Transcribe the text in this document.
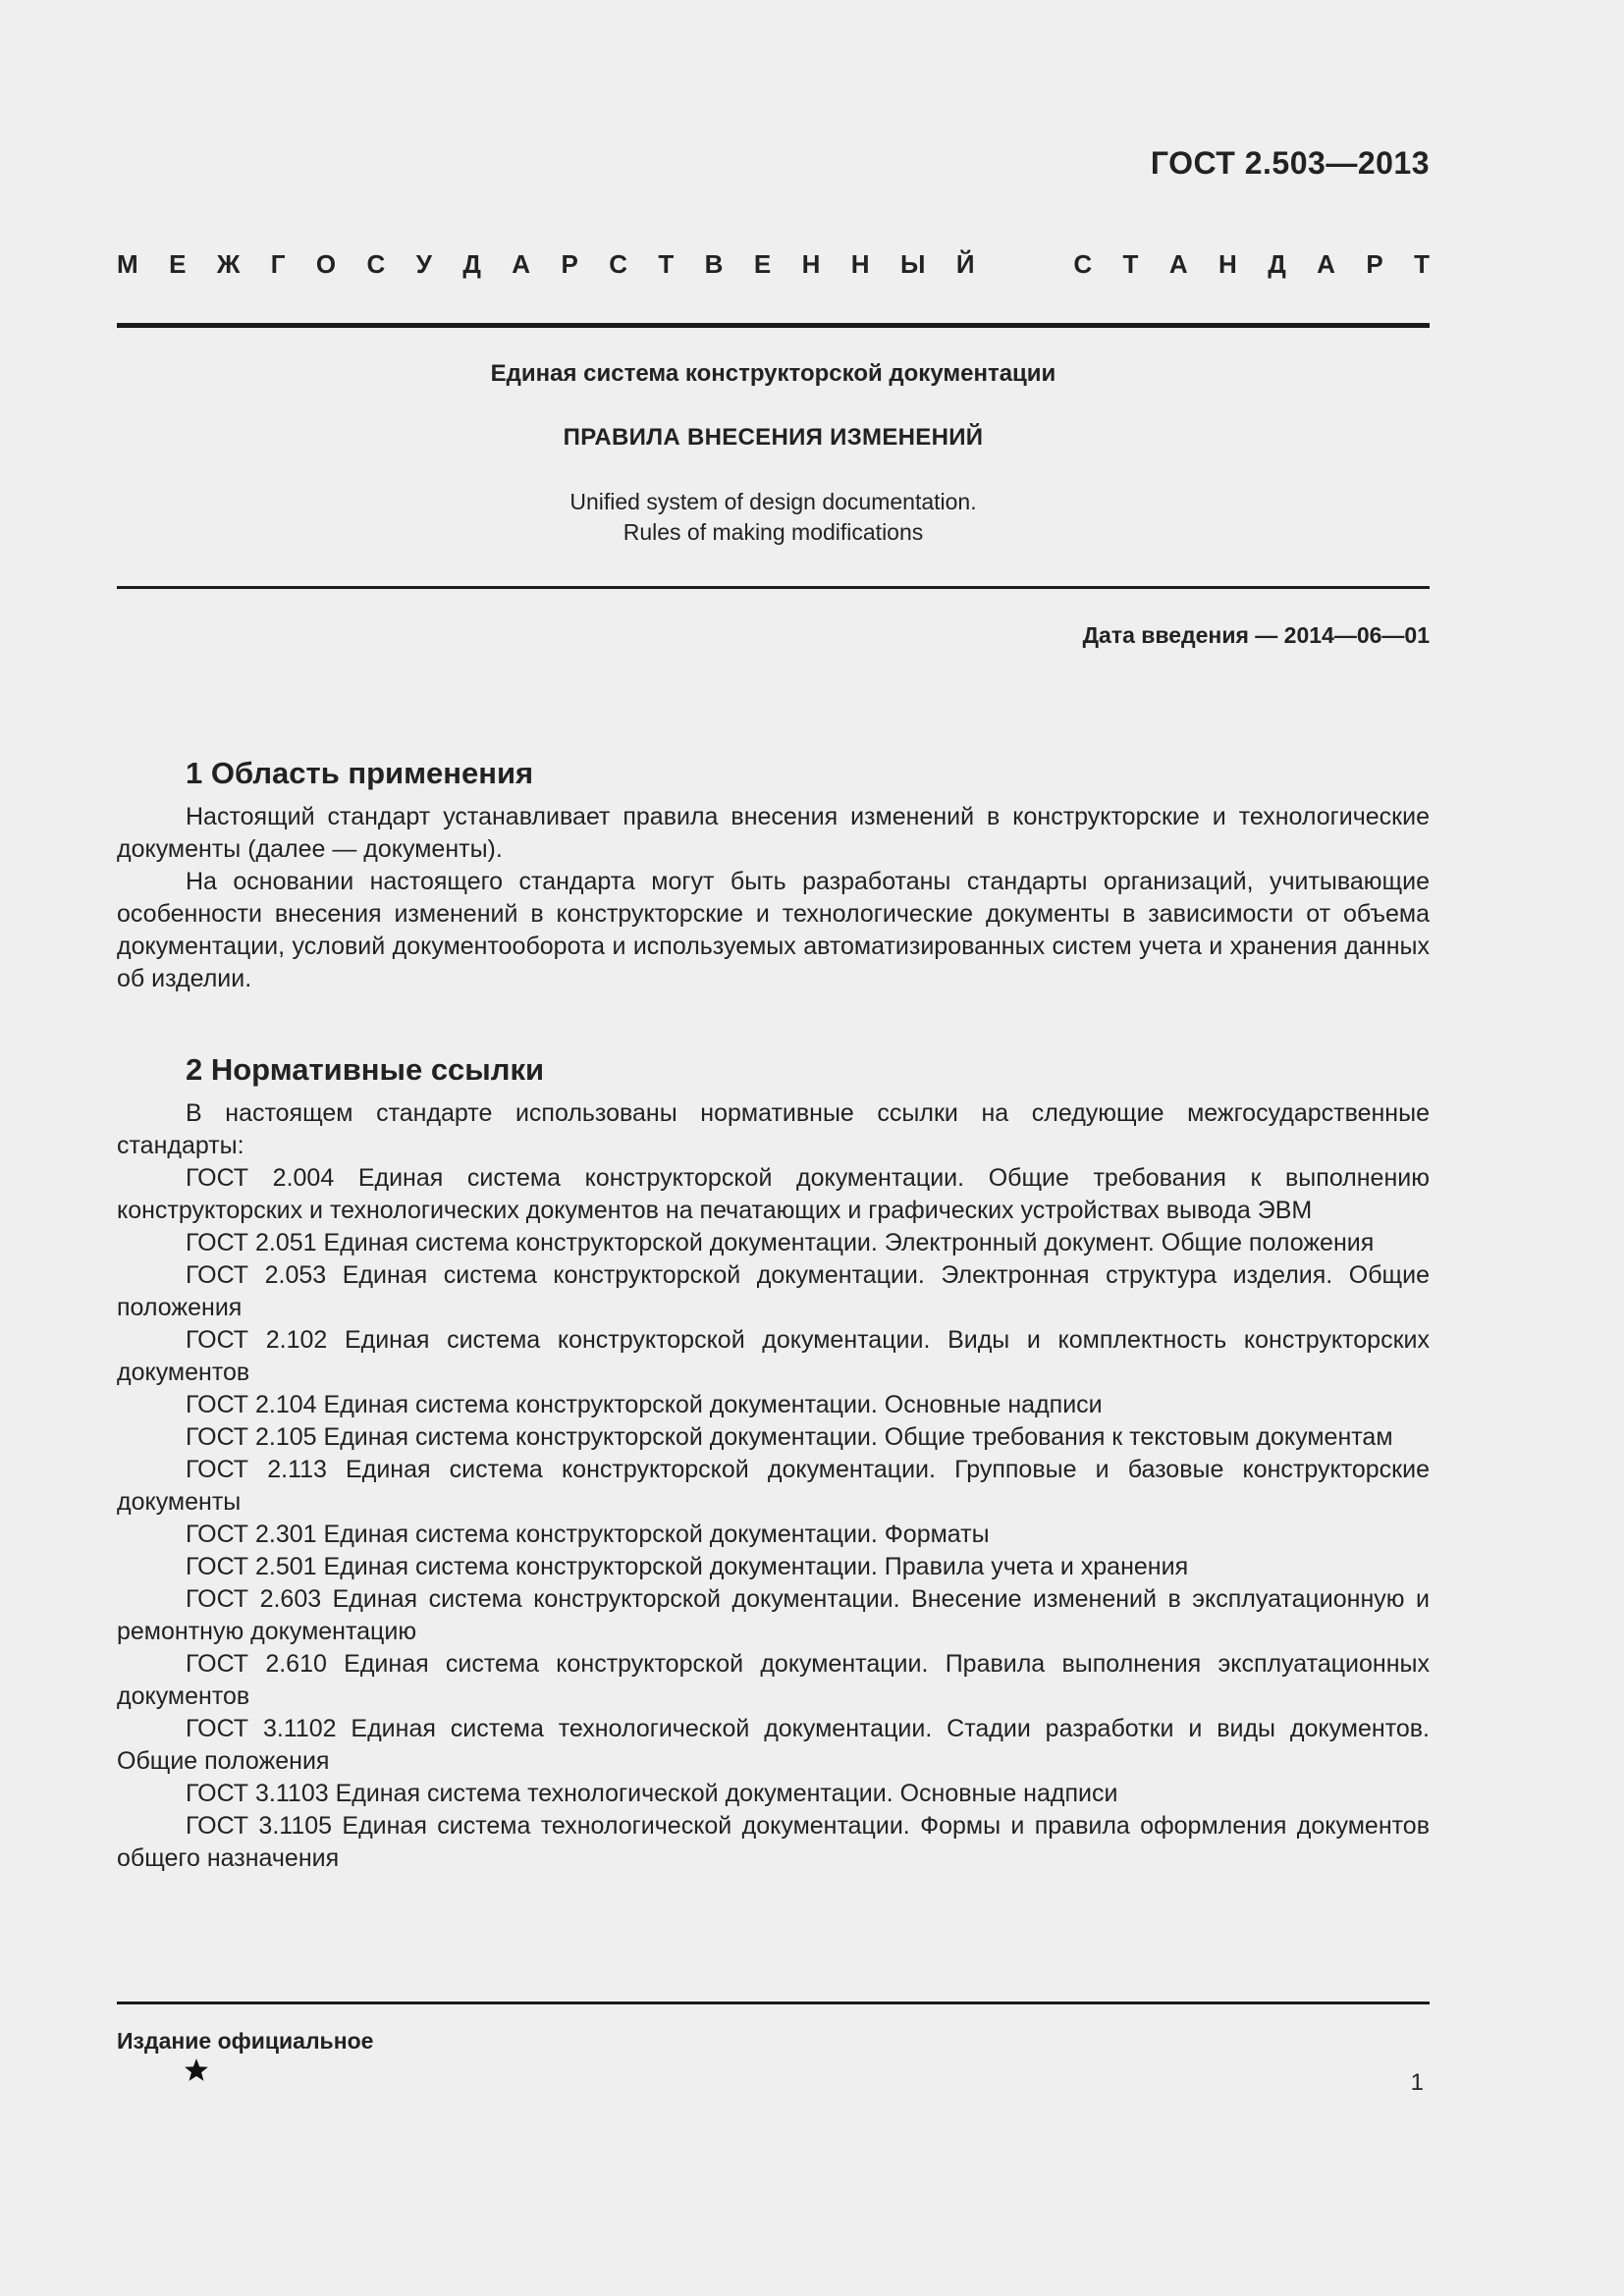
ГОСТ 2.503—2013
М Е Ж Г О С У Д А Р С Т В Е Н Н Ы Й	С Т А Н Д А Р Т
Единая система конструкторской документации
ПРАВИЛА ВНЕСЕНИЯ ИЗМЕНЕНИЙ
Unified system of design documentation.
Rules of making modifications
Дата введения — 2014—06—01
1 Область применения

Настоящий стандарт устанавливает правила внесения изменений в конструкторские и технологические документы (далее — документы).

На основании настоящего стандарта могут быть разработаны стандарты организаций, учитывающие особенности внесения изменений в конструкторские и технологические документы в зависимости от объема документации, условий документооборота и используемых автоматизированных систем учета и хранения данных об изделии.

2 Нормативные ссылки

В настоящем стандарте использованы нормативные ссылки на следующие межгосударственные стандарты:

ГОСТ 2.004 Единая система конструкторской документации. Общие требования к выполнению конструкторских и технологических документов на печатающих и графических устройствах вывода ЭВМ

ГОСТ 2.051 Единая система конструкторской документации. Электронный документ. Общие положения

ГОСТ 2.053 Единая система конструкторской документации. Электронная структура изделия. Общие положения

ГОСТ 2.102 Единая система конструкторской документации. Виды и комплектность конструкторских документов

ГОСТ 2.104 Единая система конструкторской документации. Основные надписи

ГОСТ 2.105 Единая система конструкторской документации. Общие требования к текстовым документам

ГОСТ 2.113 Единая система конструкторской документации. Групповые и базовые конструкторские документы

ГОСТ 2.301 Единая система конструкторской документации. Форматы

ГОСТ 2.501 Единая система конструкторской документации. Правила учета и хранения

ГОСТ 2.603 Единая система конструкторской документации. Внесение изменений в эксплуатационную и ремонтную документацию

ГОСТ 2.610 Единая система конструкторской документации. Правила выполнения эксплуатационных документов

ГОСТ 3.1102 Единая система технологической документации. Стадии разработки и виды документов. Общие положения

ГОСТ 3.1103 Единая система технологической документации. Основные надписи

ГОСТ 3.1105 Единая система технологической документации. Формы и правила оформления документов общего назначения

Издание официальное
1
